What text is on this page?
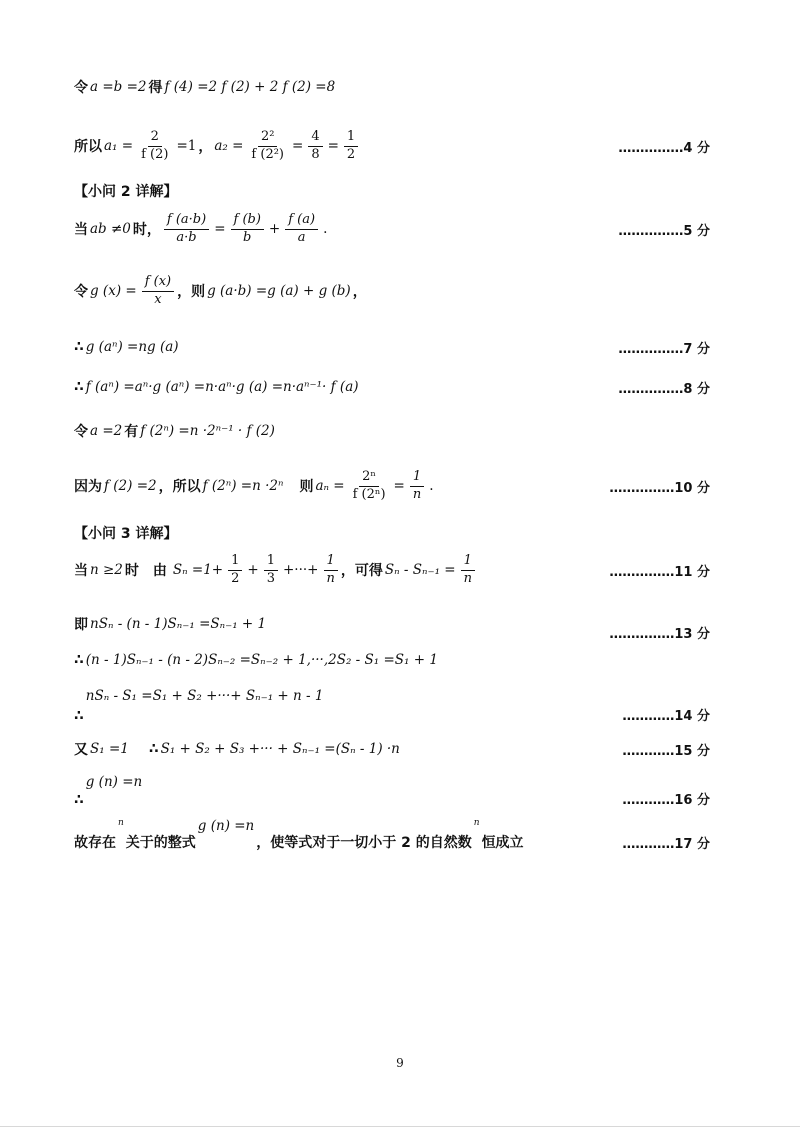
令 a =b =2 得 f (4) =2 f (2) + 2 f (2) =8
所以 $a_1 = \frac{2}{f (2)} =1$ ， $a_2 = \frac{\text{2²}}{\text{f (2²)}} = \frac{4}{8} = \frac{1}{2}$	……………4 分
【小问 2 详解】
当 ab ≠0 时， $\frac{f (a\cdot b)}{a\cdot b} = \frac{f (b)}{b} + \frac{f (a)}{a}$ .	……………5 分
令 g $(x) = \frac{f (x)}{x}$ ，则 g (a·b) =g (a) + g (b) ，
∴ g (aⁿ) =ng (a)	……………7 分
∴ f (aⁿ) =aⁿ·g (aⁿ) =n·aⁿ·g (a) =n·aⁿ⁻¹· f (a)	……………8 分
令 a =2 有 f (2ⁿ) =n ·2ⁿ⁻¹ · f (2)
因为 f (2) =2 ，所以 f (2ⁿ) =n ·2ⁿ 则 $a_n = \frac{\text{2ⁿ}}{\text{f (2ⁿ)}} = \frac{1}{n}$ .	……………10 分
【小问 3 详解】
当 n ≥2 时　由 $S_n =1+ \frac{1}{2} + \frac{1}{3}$ +···+ $\frac{1}{n}$ ，可得 $S_n - S_{n-1} = \frac{1}{n}$	……………11 分
即 nSₙ - (n - 1)Sₙ₋₁ =Sₙ₋₁ + 1
……………13 分
∴ (n - 1)Sₙ₋₁ - (n - 2)Sₙ₋₂ =Sₙ₋₂ + 1,···,2S₂ - S₁ =S₁ + 1
∴
nSₙ - S₁ =S₁ + S₂ +···+ Sₙ₋₁ + n - 1
…………14 分
又 S₁ =1 ∴ S₁ + S₂ + S₃ +··· + Sₙ₋₁ =(Sₙ - 1) ·n	…………15 分
∴
g (n) =n
…………16 分
故存在
n
关于的整式
g (n) =n
，使等式对于一切小于 2 的自然数
n
恒成立	…………17 分
9
